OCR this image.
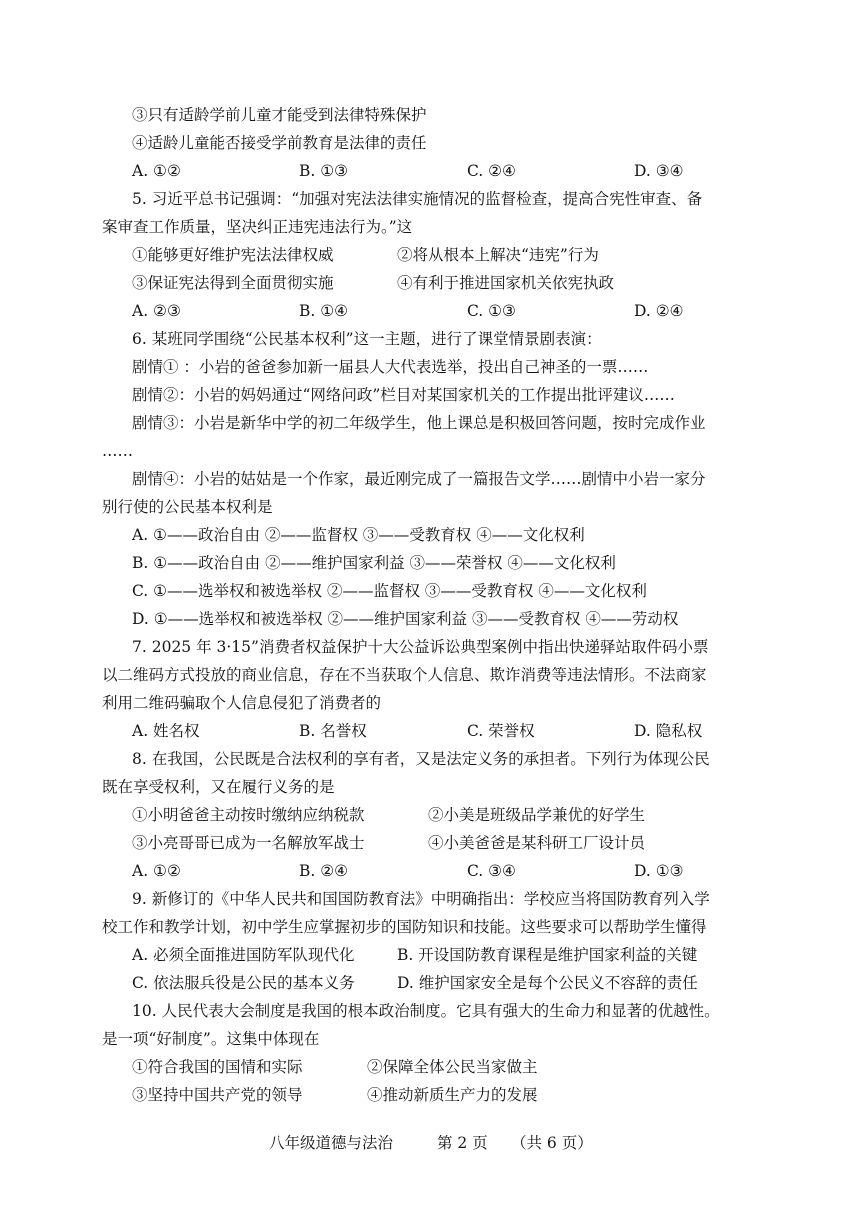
③只有适龄学前儿童才能受到法律特殊保护
④适龄儿童能否接受学前教育是法律的责任
A. ①②	B. ①③	C. ②④	D. ③④
5. 习近平总书记强调：“加强对宪法法律实施情况的监督检查，提高合宪性审查、备
案审查工作质量，坚决纠正违宪违法行为。”这
①能够更好维护宪法法律权威	②将从根本上解决“违宪”行为
③保证宪法得到全面贯彻实施	④有利于推进国家机关依宪执政
A. ②③	B. ①④	C. ①③	D. ②④
6. 某班同学围绕“公民基本权利”这一主题，进行了课堂情景剧表演：
剧情① ：小岩的爸爸参加新一届县人大代表选举，投出自己神圣的一票……
剧情②：小岩的妈妈通过“网络问政”栏目对某国家机关的工作提出批评建议……
剧情③：小岩是新华中学的初二年级学生，他上课总是积极回答问题，按时完成作业
……
剧情④：小岩的姑姑是一个作家，最近刚完成了一篇报告文学……剧情中小岩一家分
别行使的公民基本权利是
A. ①——政治自由 ②——监督权 ③——受教育权 ④——文化权利
B. ①——政治自由 ②——维护国家利益 ③——荣誉权 ④——文化权利
C. ①——选举权和被选举权 ②——监督权 ③——受教育权 ④——文化权利
D. ①——选举权和被选举权 ②——维护国家利益 ③——受教育权 ④——劳动权
7. 2025 年 3·15”消费者权益保护十大公益诉讼典型案例中指出快递驿站取件码小票
以二维码方式投放的商业信息，存在不当获取个人信息、欺诈消费等违法情形。不法商家
利用二维码骗取个人信息侵犯了消费者的
A. 姓名权	B. 名誉权	C. 荣誉权	D. 隐私权
8. 在我国，公民既是合法权利的享有者，又是法定义务的承担者。下列行为体现公民
既在享受权利，又在履行义务的是
①小明爸爸主动按时缴纳应纳税款	②小美是班级品学兼优的好学生
③小亮哥哥已成为一名解放军战士	④小美爸爸是某科研工厂设计员
A. ①②	B. ②④	C. ③④	D. ①③
9. 新修订的《中华人民共和国国防教育法》中明确指出：学校应当将国防教育列入学
校工作和教学计划，初中学生应掌握初步的国防知识和技能。这些要求可以帮助学生懂得
A. 必须全面推进国防军队现代化	B. 开设国防教育课程是维护国家利益的关键
C. 依法服兵役是公民的基本义务	D. 维护国家安全是每个公民义不容辞的责任
10. 人民代表大会制度是我国的根本政治制度。它具有强大的生命力和显著的优越性。
是一项“好制度”。这集中体现在
①符合我国的国情和实际	②保障全体公民当家做主
③坚持中国共产党的领导	④推动新质生产力的发展
八年级道德与法治	第 2 页 （共 6 页）
